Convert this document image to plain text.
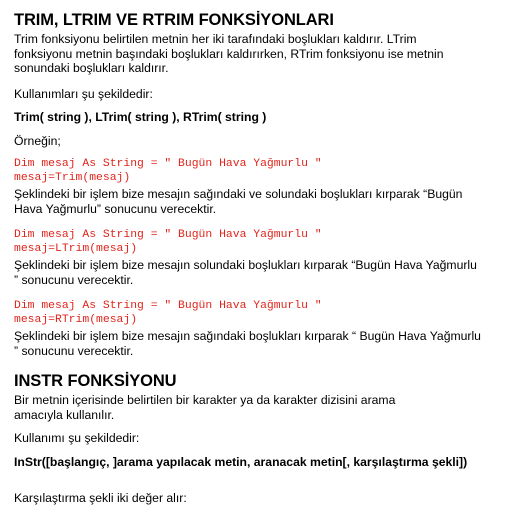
TRIM, LTRIM VE RTRIM FONKSİYONLARI

Trim fonksiyonu belirtilen metnin her iki tarafındaki boşlukları kaldırır. LTrim fonksiyonu metnin başındaki boşlukları kaldırırken, RTrim fonksiyonu ise metnin sonundaki boşlukları kaldırır.

Kullanımları şu şekildedir:

Trim( string ), LTrim( string ), RTrim( string )

Örneğin;

Dim mesaj As String = " Bugün Hava Yağmurlu "
mesaj=Trim(mesaj)

Şeklindeki bir işlem bize mesajın sağındaki ve solundaki boşlukları kırparak “Bugün Hava Yağmurlu” sonucunu verecektir.

Dim mesaj As String = " Bugün Hava Yağmurlu "
mesaj=LTrim(mesaj)

Şeklindeki bir işlem bize mesajın solundaki boşlukları kırparak “Bugün Hava Yağmurlu ” sonucunu verecektir.

Dim mesaj As String = " Bugün Hava Yağmurlu "
mesaj=RTrim(mesaj)

Şeklindeki bir işlem bize mesajın sağındaki boşlukları kırparak “ Bugün Hava Yağmurlu ” sonucunu verecektir.

INSTR FONKSİYONU

Bir metnin içerisinde belirtilen bir karakter ya da karakter dizisini arama amacıyla kullanılır.

Kullanımı şu şekildedir:

InStr([başlangıç, ]arama yapılacak metin, aranacak metin[, karşılaştırma şekli])

Karşılaştırma şekli iki değer alır:
